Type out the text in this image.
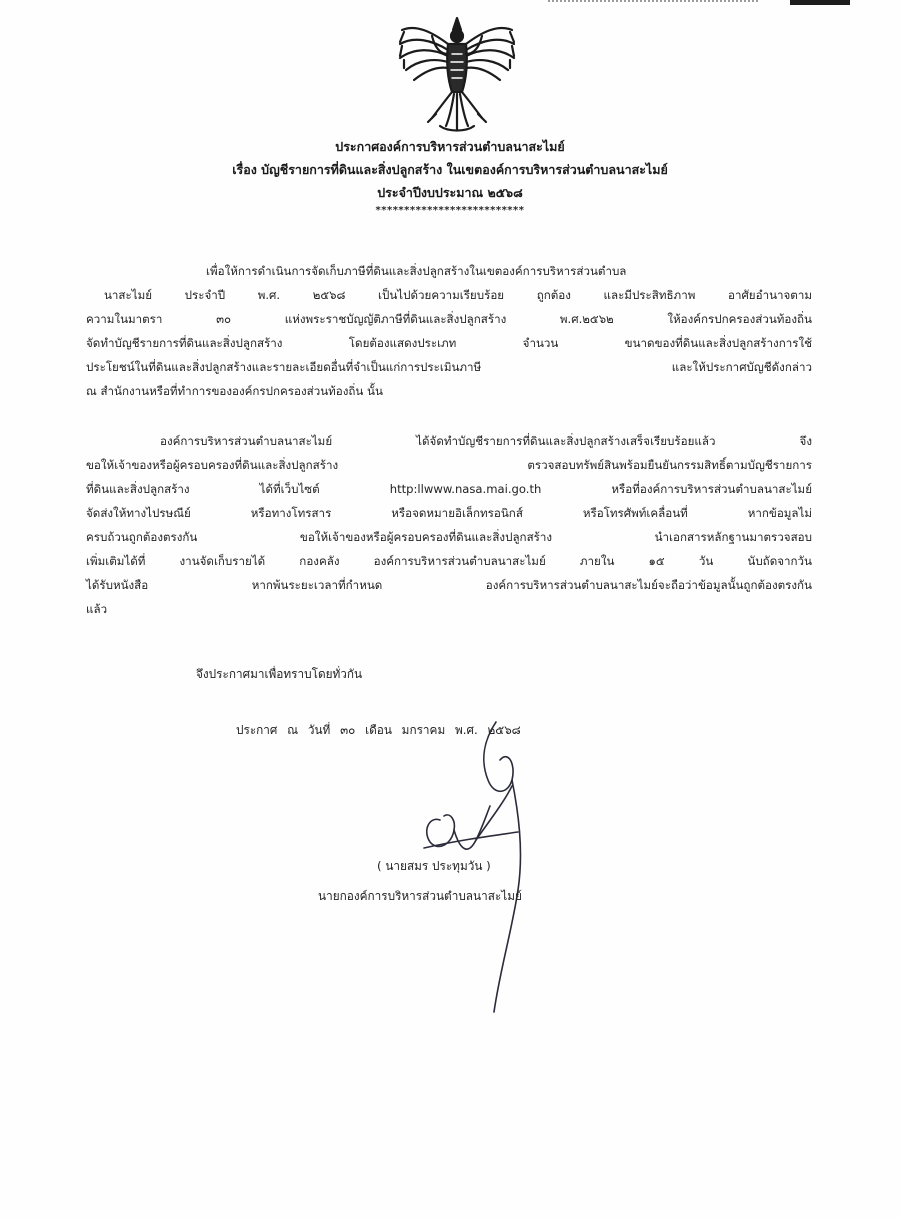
ประกาศองค์การบริหารส่วนตำบลนาสะไมย์
เรื่อง บัญชีรายการที่ดินและสิ่งปลูกสร้าง ในเขตองค์การบริหารส่วนตำบลนาสะไมย์
ประจำปีงบประมาณ ๒๕๖๘
**************************
เพื่อให้การดำเนินการจัดเก็บภาษีที่ดินและสิ่งปลูกสร้างในเขตองค์การบริหารส่วนตำบล
นาสะไมย์ ประจำปี พ.ศ. ๒๕๖๘ เป็นไปด้วยความเรียบร้อย ถูกต้อง และมีประสิทธิภาพ อาศัยอำนาจตาม
ความในมาตรา ๓๐ แห่งพระราชบัญญัติภาษีที่ดินและสิ่งปลูกสร้าง พ.ศ.๒๕๖๒ ให้องค์กรปกครองส่วนท้องถิ่น
จัดทำบัญชีรายการที่ดินและสิ่งปลูกสร้าง โดยต้องแสดงประเภท จำนวน ขนาดของที่ดินและสิ่งปลูกสร้างการใช้
ประโยชน์ในที่ดินและสิ่งปลูกสร้างและรายละเอียดอื่นที่จำเป็นแก่การประเมินภาษี และให้ประกาศบัญชีดังกล่าว
ณ สำนักงานหรือที่ทำการขององค์กรปกครองส่วนท้องถิ่น นั้น
องค์การบริหารส่วนตำบลนาสะไมย์ ได้จัดทำบัญชีรายการที่ดินและสิ่งปลูกสร้างเสร็จเรียบร้อยแล้ว จึง
ขอให้เจ้าของหรือผู้ครอบครองที่ดินและสิ่งปลูกสร้าง ตรวจสอบทรัพย์สินพร้อมยืนยันกรรมสิทธิ์ตามบัญชีรายการ
ที่ดินและสิ่งปลูกสร้าง ได้ที่เว็บไซต์ http:llwww.nasa.mai.go.th หรือที่องค์การบริหารส่วนตำบลนาสะไมย์
จัดส่งให้ทางไปรษณีย์ หรือทางโทรสาร หรือจดหมายอิเล็กทรอนิกส์ หรือโทรศัพท์เคลื่อนที่ หากข้อมูลไม่
ครบถ้วนถูกต้องตรงกัน ขอให้เจ้าของหรือผู้ครอบครองที่ดินและสิ่งปลูกสร้าง นำเอกสารหลักฐานมาตรวจสอบ
เพิ่มเติมได้ที่ งานจัดเก็บรายได้ กองคลัง องค์การบริหารส่วนตำบลนาสะไมย์ ภายใน ๑๕ วัน นับถัดจากวัน
ได้รับหนังสือ หากพ้นระยะเวลาที่กำหนด องค์การบริหารส่วนตำบลนาสะไมย์จะถือว่าข้อมูลนั้นถูกต้องตรงกัน
แล้ว
จึงประกาศมาเพื่อทราบโดยทั่วกัน
ประกาศ ณ วันที่ ๓๐ เดือน มกราคม พ.ศ. ๒๕๖๘
( นายสมร ประทุมวัน )
นายกองค์การบริหารส่วนตำบลนาสะไมย์
